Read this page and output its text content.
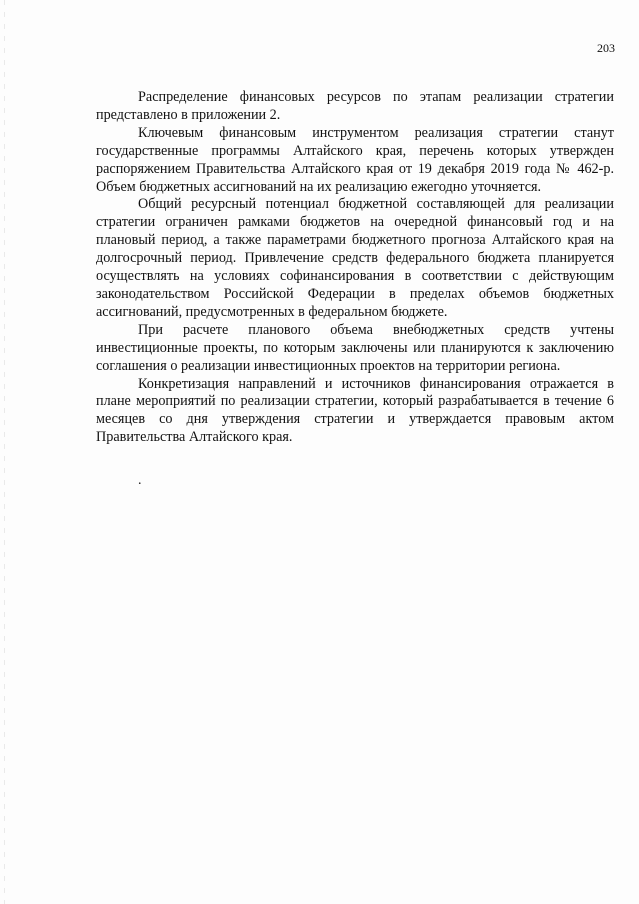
203

Распределение финансовых ресурсов по этапам реализации стратегии представлено в приложении 2.

Ключевым финансовым инструментом реализация стратегии станут государственные программы Алтайского края, перечень которых утвержден распоряжением Правительства Алтайского края от 19 декабря 2019 года № 462-р. Объем бюджетных ассигнований на их реализацию ежегодно уточняется.

Общий ресурсный потенциал бюджетной составляющей для реализации стратегии ограничен рамками бюджетов на очередной финансовый год и на плановый период, а также параметрами бюджетного прогноза Алтайского края на долгосрочный период. Привлечение средств федерального бюджета планируется осуществлять на условиях софинансирования в соответствии с действующим законодательством Российской Федерации в пределах объемов бюджетных ассигнований, предусмотренных в федеральном бюджете.

При расчете планового объема внебюджетных средств учтены инвестиционные проекты, по которым заключены или планируются к заключению соглашения о реализации инвестиционных проектов на территории региона.

Конкретизация направлений и источников финансирования отражается в плане мероприятий по реализации стратегии, который разрабатывается в течение 6 месяцев со дня утверждения стратегии и утверждается правовым актом Правительства Алтайского края.

.
